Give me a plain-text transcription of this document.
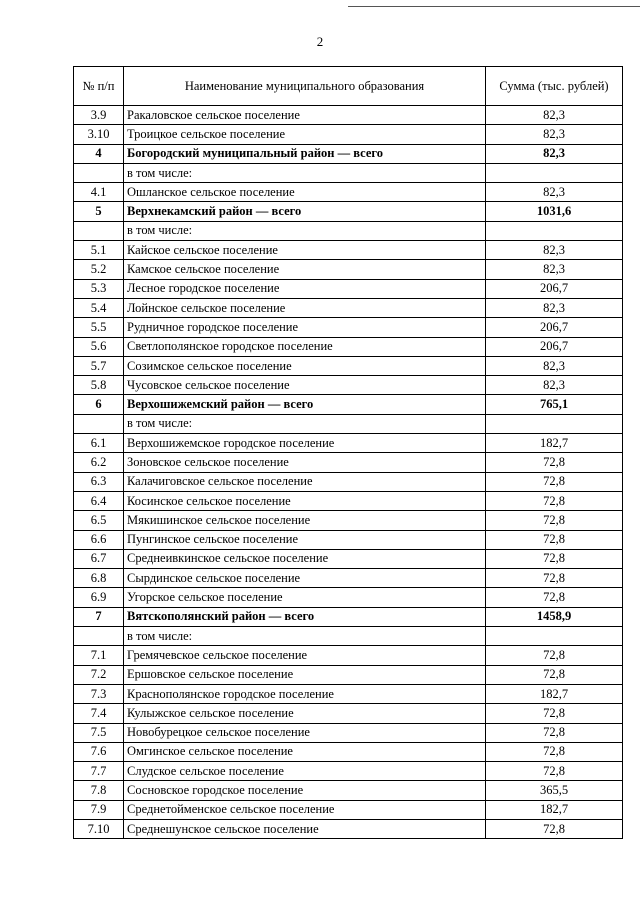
2
№ п/п	Наименование муниципального образования	Сумма (тыс. рублей)
3.9	Ракаловское сельское поселение	82,3
3.10	Троицкое сельское поселение	82,3
4	Богородский муниципальный район — всего	82,3
	в том числе:	
4.1	Ошланское сельское поселение	82,3
5	Верхнекамский район — всего	1031,6
	в том числе:	
5.1	Кайское сельское поселение	82,3
5.2	Камское сельское поселение	82,3
5.3	Лесное городское поселение	206,7
5.4	Лойнское сельское поселение	82,3
5.5	Рудничное городское поселение	206,7
5.6	Светлополянское городское поселение	206,7
5.7	Созимское сельское поселение	82,3
5.8	Чусовское сельское поселение	82,3
6	Верхошижемский район — всего	765,1
	в том числе:	
6.1	Верхошижемское городское поселение	182,7
6.2	Зоновское сельское поселение	72,8
6.3	Калачиговское сельское поселение	72,8
6.4	Косинское сельское поселение	72,8
6.5	Мякишинское сельское поселение	72,8
6.6	Пунгинское сельское поселение	72,8
6.7	Среднеивкинское сельское поселение	72,8
6.8	Сырдинское сельское поселение	72,8
6.9	Угорское сельское поселение	72,8
7	Вятскополянский район — всего	1458,9
	в том числе:	
7.1	Гремячевское сельское поселение	72,8
7.2	Ершовское сельское поселение	72,8
7.3	Краснополянское городское поселение	182,7
7.4	Кулыжское сельское поселение	72,8
7.5	Новобурецкое сельское поселение	72,8
7.6	Омгинское сельское поселение	72,8
7.7	Слудское сельское поселение	72,8
7.8	Сосновское городское поселение	365,5
7.9	Среднетойменское сельское поселение	182,7
7.10	Среднешунское сельское поселение	72,8
